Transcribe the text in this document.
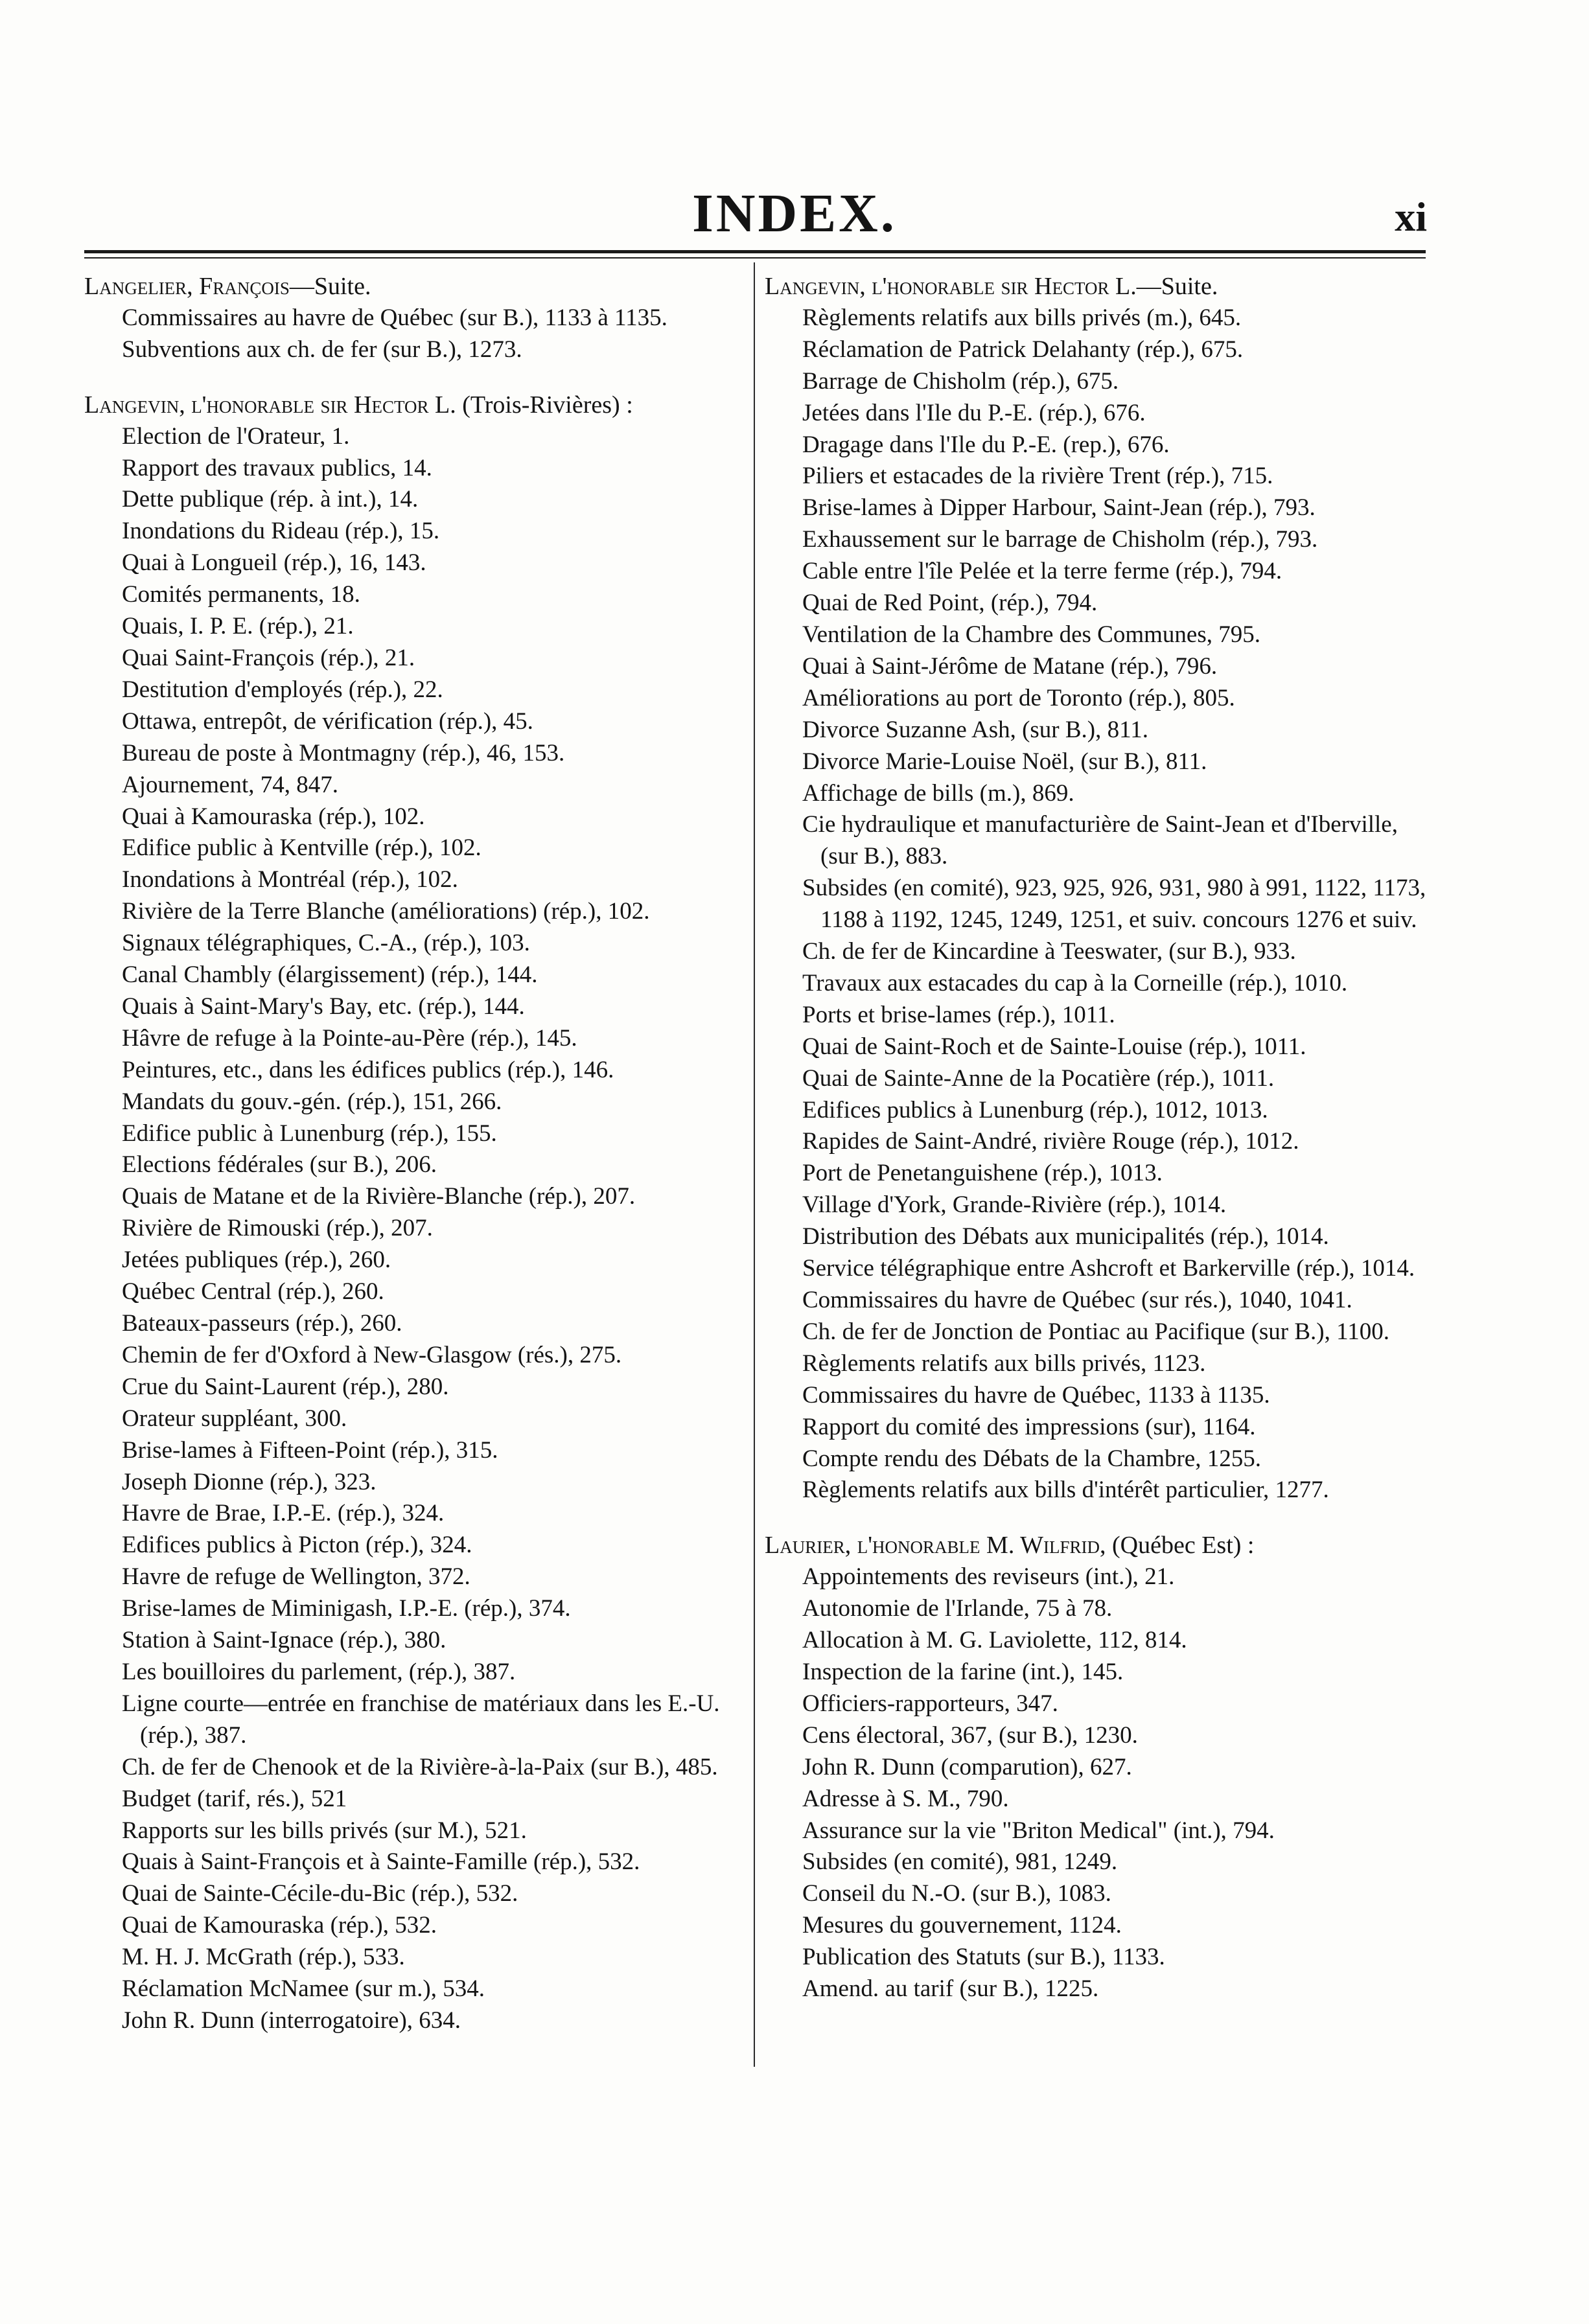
INDEX.	xi
Langelier, François—Suite.
Commissaires au havre de Québec (sur B.), 1133 à 1135.
Subventions aux ch. de fer (sur B.), 1273.
Langevin, l'honorable sir Hector L. (Trois-Rivières) :
Election de l'Orateur, 1.
Rapport des travaux publics, 14.
Dette publique (rép. à int.), 14.
Inondations du Rideau (rép.), 15.
Quai à Longueil (rép.), 16, 143.
Comités permanents, 18.
Quais, I. P. E. (rép.), 21.
Quai Saint-François (rép.), 21.
Destitution d'employés (rép.), 22.
Ottawa, entrepôt, de vérification (rép.), 45.
Bureau de poste à Montmagny (rép.), 46, 153.
Ajournement, 74, 847.
Quai à Kamouraska (rép.), 102.
Edifice public à Kentville (rép.), 102.
Inondations à Montréal (rép.), 102.
Rivière de la Terre Blanche (améliorations) (rép.), 102.
Signaux télégraphiques, C.-A., (rép.), 103.
Canal Chambly (élargissement) (rép.), 144.
Quais à Saint-Mary's Bay, etc. (rép.), 144.
Hâvre de refuge à la Pointe-au-Père (rép.), 145.
Peintures, etc., dans les édifices publics (rép.), 146.
Mandats du gouv.-gén. (rép.), 151, 266.
Edifice public à Lunenburg (rép.), 155.
Elections fédérales (sur B.), 206.
Quais de Matane et de la Rivière-Blanche (rép.), 207.
Rivière de Rimouski (rép.), 207.
Jetées publiques (rép.), 260.
Québec Central (rép.), 260.
Bateaux-passeurs (rép.), 260.
Chemin de fer d'Oxford à New-Glasgow (rés.), 275.
Crue du Saint-Laurent (rép.), 280.
Orateur suppléant, 300.
Brise-lames à Fifteen-Point (rép.), 315.
Joseph Dionne (rép.), 323.
Havre de Brae, I.P.-E. (rép.), 324.
Edifices publics à Picton (rép.), 324.
Havre de refuge de Wellington, 372.
Brise-lames de Miminigash, I.P.-E. (rép.), 374.
Station à Saint-Ignace (rép.), 380.
Les bouilloires du parlement, (rép.), 387.
Ligne courte—entrée en franchise de matériaux dans les E.-U. (rép.), 387.
Ch. de fer de Chenook et de la Rivière-à-la-Paix (sur B.), 485.
Budget (tarif, rés.), 521
Rapports sur les bills privés (sur M.), 521.
Quais à Saint-François et à Sainte-Famille (rép.), 532.
Quai de Sainte-Cécile-du-Bic (rép.), 532.
Quai de Kamouraska (rép.), 532.
M. H. J. McGrath (rép.), 533.
Réclamation McNamee (sur m.), 534.
John R. Dunn (interrogatoire), 634.
Langevin, l'honorable sir Hector L.—Suite.
Règlements relatifs aux bills privés (m.), 645.
Réclamation de Patrick Delahanty (rép.), 675.
Barrage de Chisholm (rép.), 675.
Jetées dans l'Ile du P.-E. (rép.), 676.
Dragage dans l'Ile du P.-E. (rep.), 676.
Piliers et estacades de la rivière Trent (rép.), 715.
Brise-lames à Dipper Harbour, Saint-Jean (rép.), 793.
Exhaussement sur le barrage de Chisholm (rép.), 793.
Cable entre l'île Pelée et la terre ferme (rép.), 794.
Quai de Red Point, (rép.), 794.
Ventilation de la Chambre des Communes, 795.
Quai à Saint-Jérôme de Matane (rép.), 796.
Améliorations au port de Toronto (rép.), 805.
Divorce Suzanne Ash, (sur B.), 811.
Divorce Marie-Louise Noël, (sur B.), 811.
Affichage de bills (m.), 869.
Cie hydraulique et manufacturière de Saint-Jean et d'Iberville, (sur B.), 883.
Subsides (en comité), 923, 925, 926, 931, 980 à 991, 1122, 1173, 1188 à 1192, 1245, 1249, 1251, et suiv. concours 1276 et suiv.
Ch. de fer de Kincardine à Teeswater, (sur B.), 933.
Travaux aux estacades du cap à la Corneille (rép.), 1010.
Ports et brise-lames (rép.), 1011.
Quai de Saint-Roch et de Sainte-Louise (rép.), 1011.
Quai de Sainte-Anne de la Pocatière (rép.), 1011.
Edifices publics à Lunenburg (rép.), 1012, 1013.
Rapides de Saint-André, rivière Rouge (rép.), 1012.
Port de Penetanguishene (rép.), 1013.
Village d'York, Grande-Rivière (rép.), 1014.
Distribution des Débats aux municipalités (rép.), 1014.
Service télégraphique entre Ashcroft et Barkerville (rép.), 1014.
Commissaires du havre de Québec (sur rés.), 1040, 1041.
Ch. de fer de Jonction de Pontiac au Pacifique (sur B.), 1100.
Règlements relatifs aux bills privés, 1123.
Commissaires du havre de Québec, 1133 à 1135.
Rapport du comité des impressions (sur), 1164.
Compte rendu des Débats de la Chambre, 1255.
Règlements relatifs aux bills d'intérêt particulier, 1277.
Laurier, l'honorable M. Wilfrid, (Québec Est) :
Appointements des reviseurs (int.), 21.
Autonomie de l'Irlande, 75 à 78.
Allocation à M. G. Laviolette, 112, 814.
Inspection de la farine (int.), 145.
Officiers-rapporteurs, 347.
Cens électoral, 367, (sur B.), 1230.
John R. Dunn (comparution), 627.
Adresse à S. M., 790.
Assurance sur la vie "Briton Medical" (int.), 794.
Subsides (en comité), 981, 1249.
Conseil du N.-O. (sur B.), 1083.
Mesures du gouvernement, 1124.
Publication des Statuts (sur B.), 1133.
Amend. au tarif (sur B.), 1225.
